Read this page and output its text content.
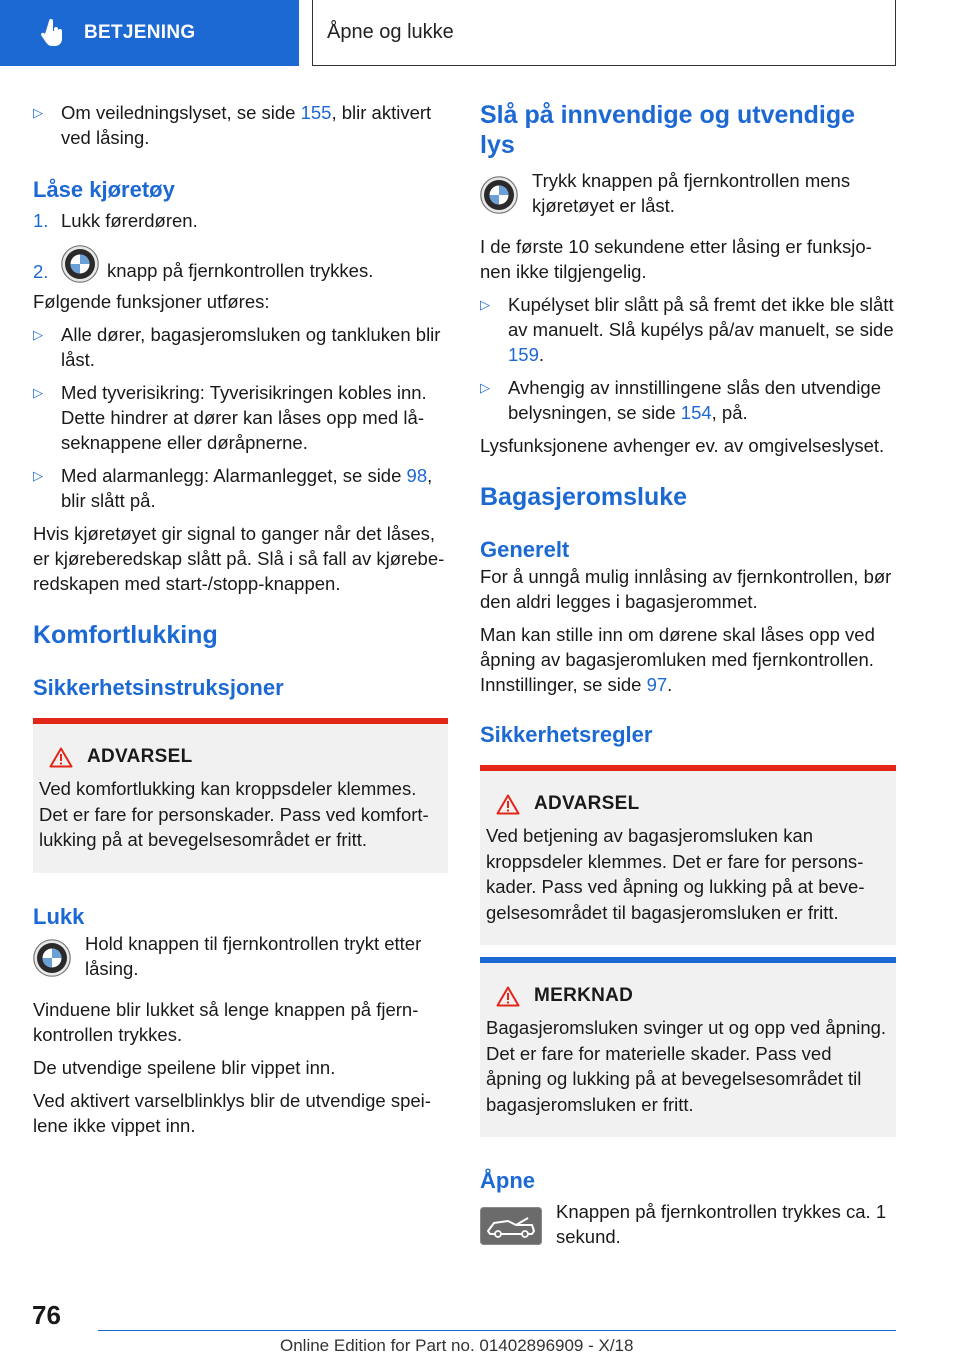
BETJENING	Åpne og lukke
▷ Om veiledningslyset, se side 155, blir aktivert ved låsing.
Låse kjøretøy
1. Lukk førerdøren.
2.	knapp på fjernkontrollen trykkes.

Følgende funksjoner utføres:

▷ Alle dører, bagasjeromsluken og tankluken blir låst.
▷ Med tyverisikring: Tyverisikringen kobles inn. Dette hindrer at dører kan låses opp med låseknappene eller døråpnerne.
▷ Med alarmanlegg: Alarmanlegget, se side 98, blir slått på.

Hvis kjøretøyet gir signal to ganger når det låses, er kjøreberedskap slått på. Slå i så fall av kjøreberedskapen med start-/stopp-knappen.

Komfortlukking
Sikkerhetsinstruksjoner
ADVARSEL

Ved komfortlukking kan kroppsdeler klemmes. Det er fare for personskader. Pass ved komfortlukking på at bevegelsesområdet er fritt.

Lukk

Hold knappen til fjernkontrollen trykt etter låsing.

Vinduene blir lukket så lenge knappen på fjernkontrollen trykkes.

De utvendige speilene blir vippet inn.

Ved aktivert varselblinklys blir de utvendige speilene ikke vippet inn.

Slå på innvendige og utvendige lys

Trykk knappen på fjernkontrollen mens kjøretøyet er låst.

I de første 10 sekundene etter låsing er funksjonen ikke tilgjengelig.

▷ Kupélyset blir slått på så fremt det ikke ble slått av manuelt. Slå kupélys på/av manuelt, se side 159.
▷ Avhengig av innstillingene slås den utvendige belysningen, se side 154, på.

Lysfunksjonene avhenger ev. av omgivelseslyset.

Bagasjeromsluke
Generelt

For å unngå mulig innlåsing av fjernkontrollen, bør den aldri legges i bagasjerommet.

Man kan stille inn om dørene skal låses opp ved åpning av bagasjeromluken med fjernkontrollen. Innstillinger, se side 97.

Sikkerhetsregler
ADVARSEL

Ved betjening av bagasjeromsluken kan kroppsdeler klemmes. Det er fare for personskader. Pass ved åpning og lukking på at bevegelsesområdet til bagasjeromsluken er fritt.

MERKNAD

Bagasjeromsluken svinger ut og opp ved åpning. Det er fare for materielle skader. Pass ved åpning og lukking på at bevegelsesområdet til bagasjeromsluken er fritt.

Åpne

Knappen på fjernkontrollen trykkes ca. 1 sekund.

76
Online Edition for Part no. 01402896909 - X/18
